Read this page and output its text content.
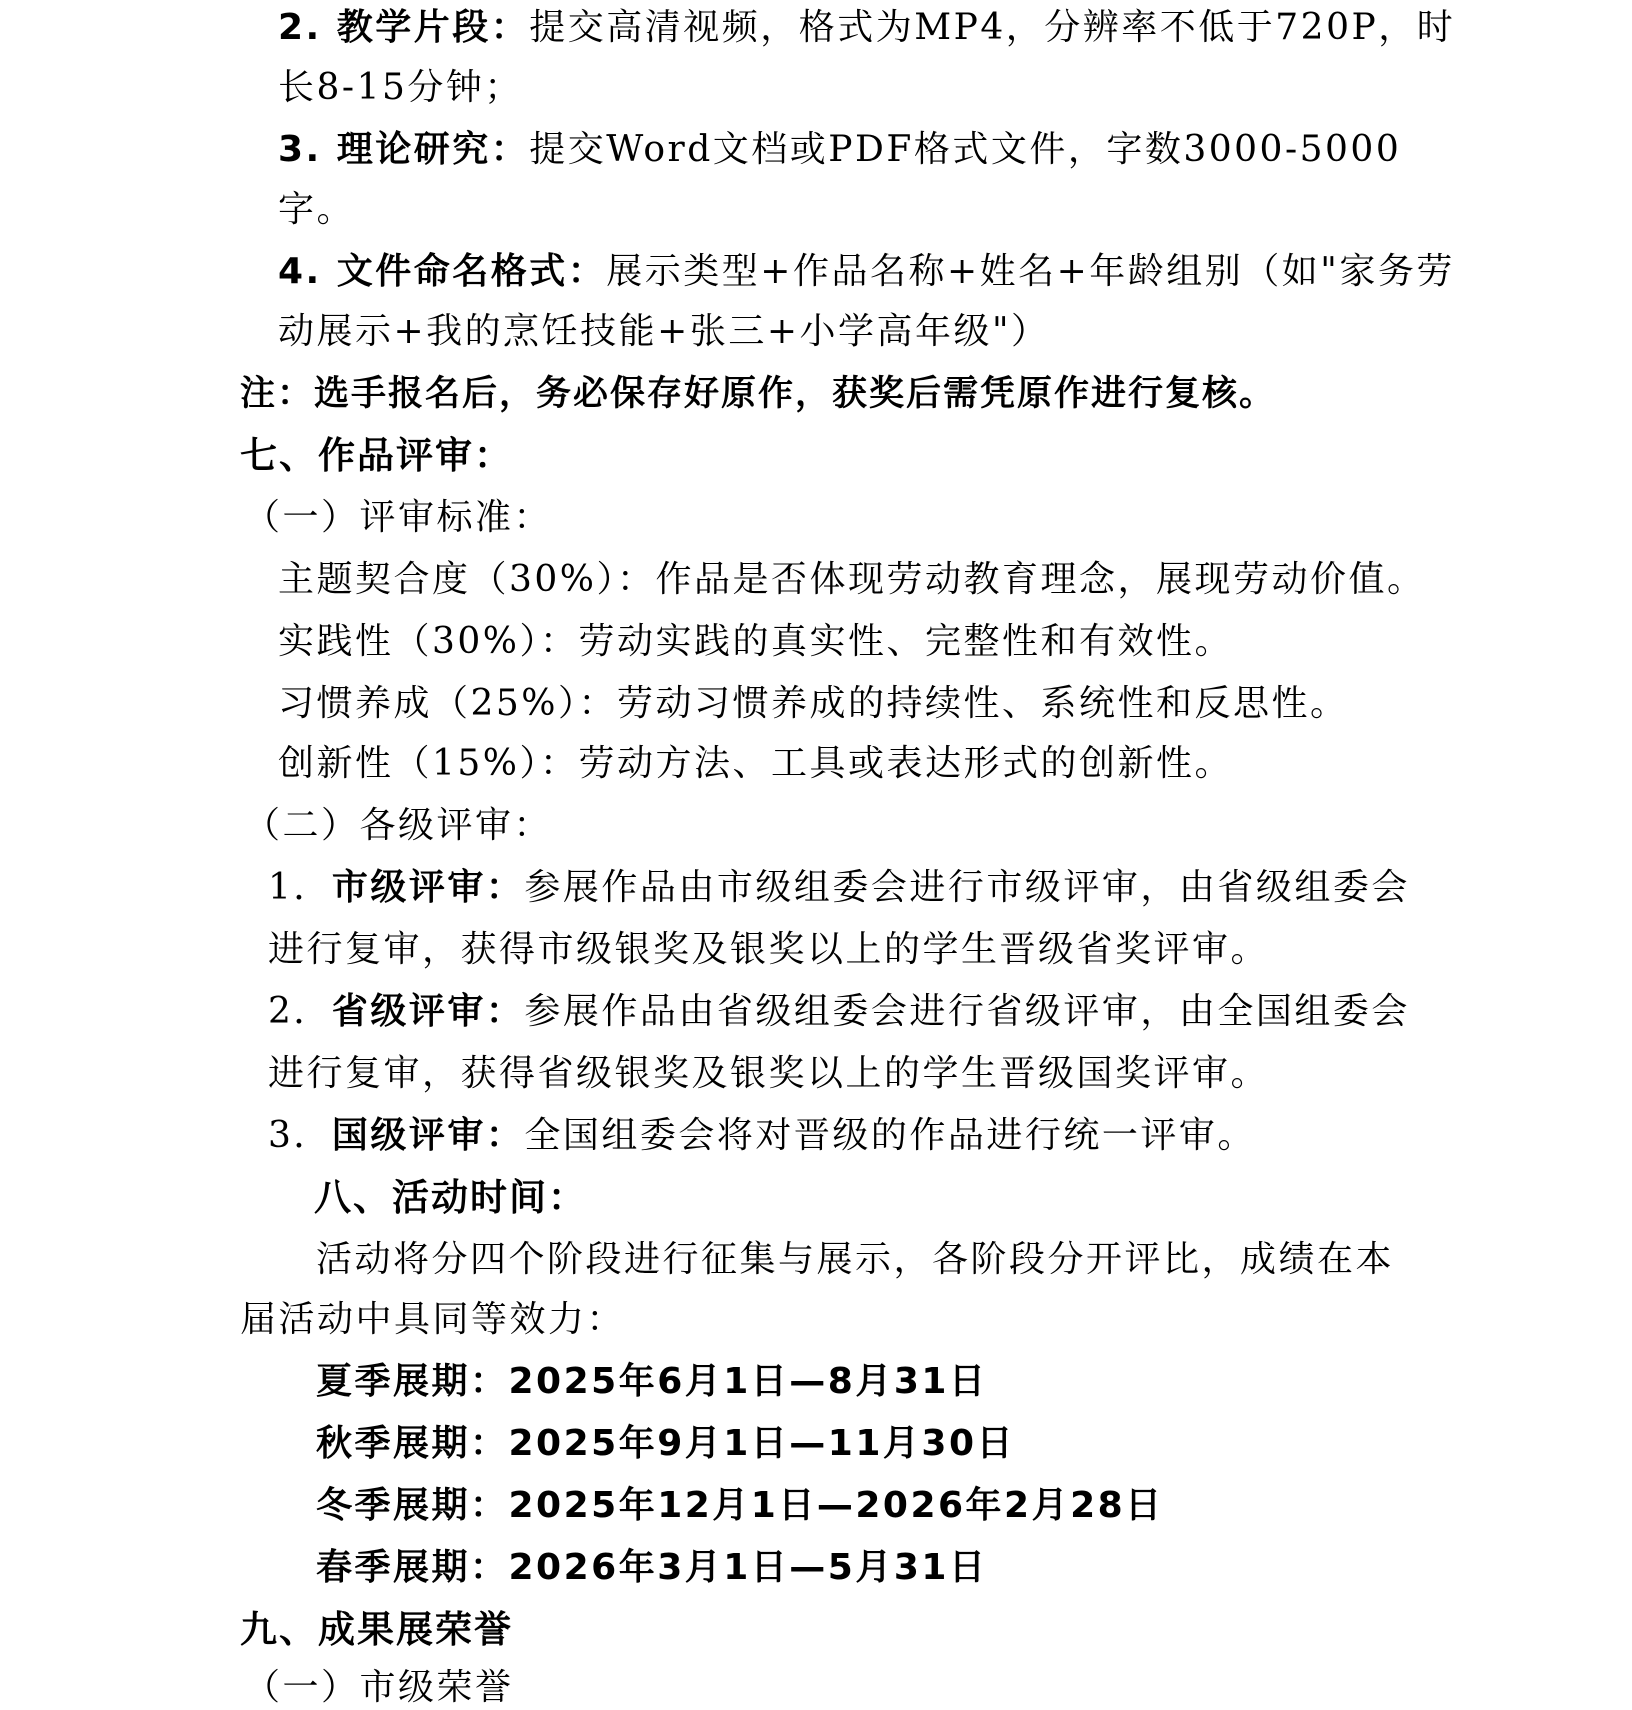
2. 教学片段：提交高清视频，格式为MP4，分辨率不低于720P，时
长8-15分钟；
3. 理论研究：提交Word文档或PDF格式文件，字数3000-5000
字。
4. 文件命名格式：展示类型+作品名称+姓名+年龄组别（如"家务劳
动展示+我的烹饪技能+张三+小学高年级"）
注：选手报名后，务必保存好原作，获奖后需凭原作进行复核。
七、作品评审：
（一）评审标准：
主题契合度（30%）：作品是否体现劳动教育理念，展现劳动价值。
实践性（30%）：劳动实践的真实性、完整性和有效性。
习惯养成（25%）：劳动习惯养成的持续性、系统性和反思性。
创新性（15%）：劳动方法、工具或表达形式的创新性。
（二）各级评审：
1．市级评审：参展作品由市级组委会进行市级评审，由省级组委会
进行复审，获得市级银奖及银奖以上的学生晋级省奖评审。
2．省级评审：参展作品由省级组委会进行省级评审，由全国组委会
进行复审，获得省级银奖及银奖以上的学生晋级国奖评审。
3．国级评审：全国组委会将对晋级的作品进行统一评审。
八、活动时间：
活动将分四个阶段进行征集与展示，各阶段分开评比，成绩在本
届活动中具同等效力：
夏季展期：2025年6月1日—8月31日
秋季展期：2025年9月1日—11月30日
冬季展期：2025年12月1日—2026年2月28日
春季展期：2026年3月1日—5月31日
九、成果展荣誉
（一）市级荣誉
